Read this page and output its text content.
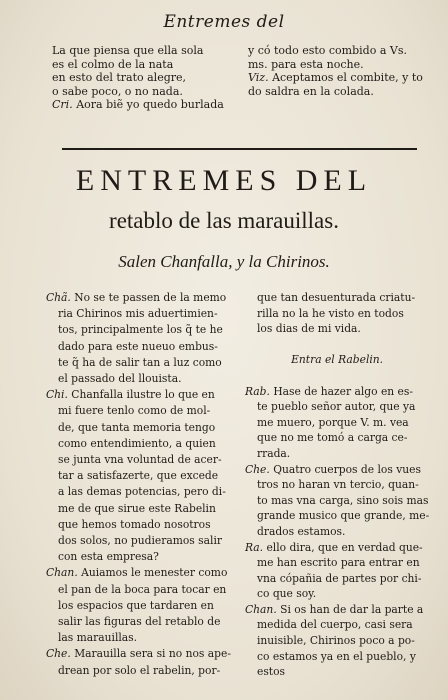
Entremes del
La que piensa que ella sola
es el colmo de la nata
en esto del trato alegre,
o sabe poco, o no nada.
Cri. Aora biẽ yo quedo burlada
y có todo esto combido a Vs.
ms. para esta noche.
Viz. Aceptamos el combite, y to
do saldra en la colada.
ENTREMES DEL
retablo de las marauillas.
Salen Chanfalla, y la Chirinos.
Chã. No se te passen de la memo
ria Chirinos mis aduertimien-
tos, principalmente los q̃ te he
dado para este nueuo embus-
te q̃ ha de salir tan a luz como
el passado del llouista.
Chi. Chanfalla ilustre lo que en
mi fuere tenlo como de mol-
de, que tanta memoria tengo
como entendimiento, a quien
se junta vna voluntad de acer-
tar a satisfazerte, que excede
a las demas potencias, pero di-
me de que sirue este Rabelin
que hemos tomado nosotros
dos solos, no pudieramos salir
con esta empresa?
Chan. Auiamos le menester como
el pan de la boca para tocar en
los espacios que tardaren en
salir las figuras del retablo de
las marauillas.
Che. Marauilla sera si no nos ape-
drean por solo el rabelin, por-
que tan desuenturada criatu-
rilla no la he visto en todos
los dias de mi vida.

Entra el Rabelin.

Rab. Hase de hazer algo en es-
te pueblo señor autor, que ya
me muero, porque V. m. vea
que no me tomó a carga ce-
rrada.
Che. Quatro cuerpos de los vues
tros no haran vn tercio, quan-
to mas vna carga, sino sois mas
grande musico que grande, me-
drados estamos.
Ra. ello dira, que en verdad que-
me han escrito para entrar en
vna cópañia de partes por chi-
co que soy.
Chan. Si os han de dar la parte a
medida del cuerpo, casi sera
inuisible, Chirinos poco a po-
co estamos ya en el pueblo, y
estos
